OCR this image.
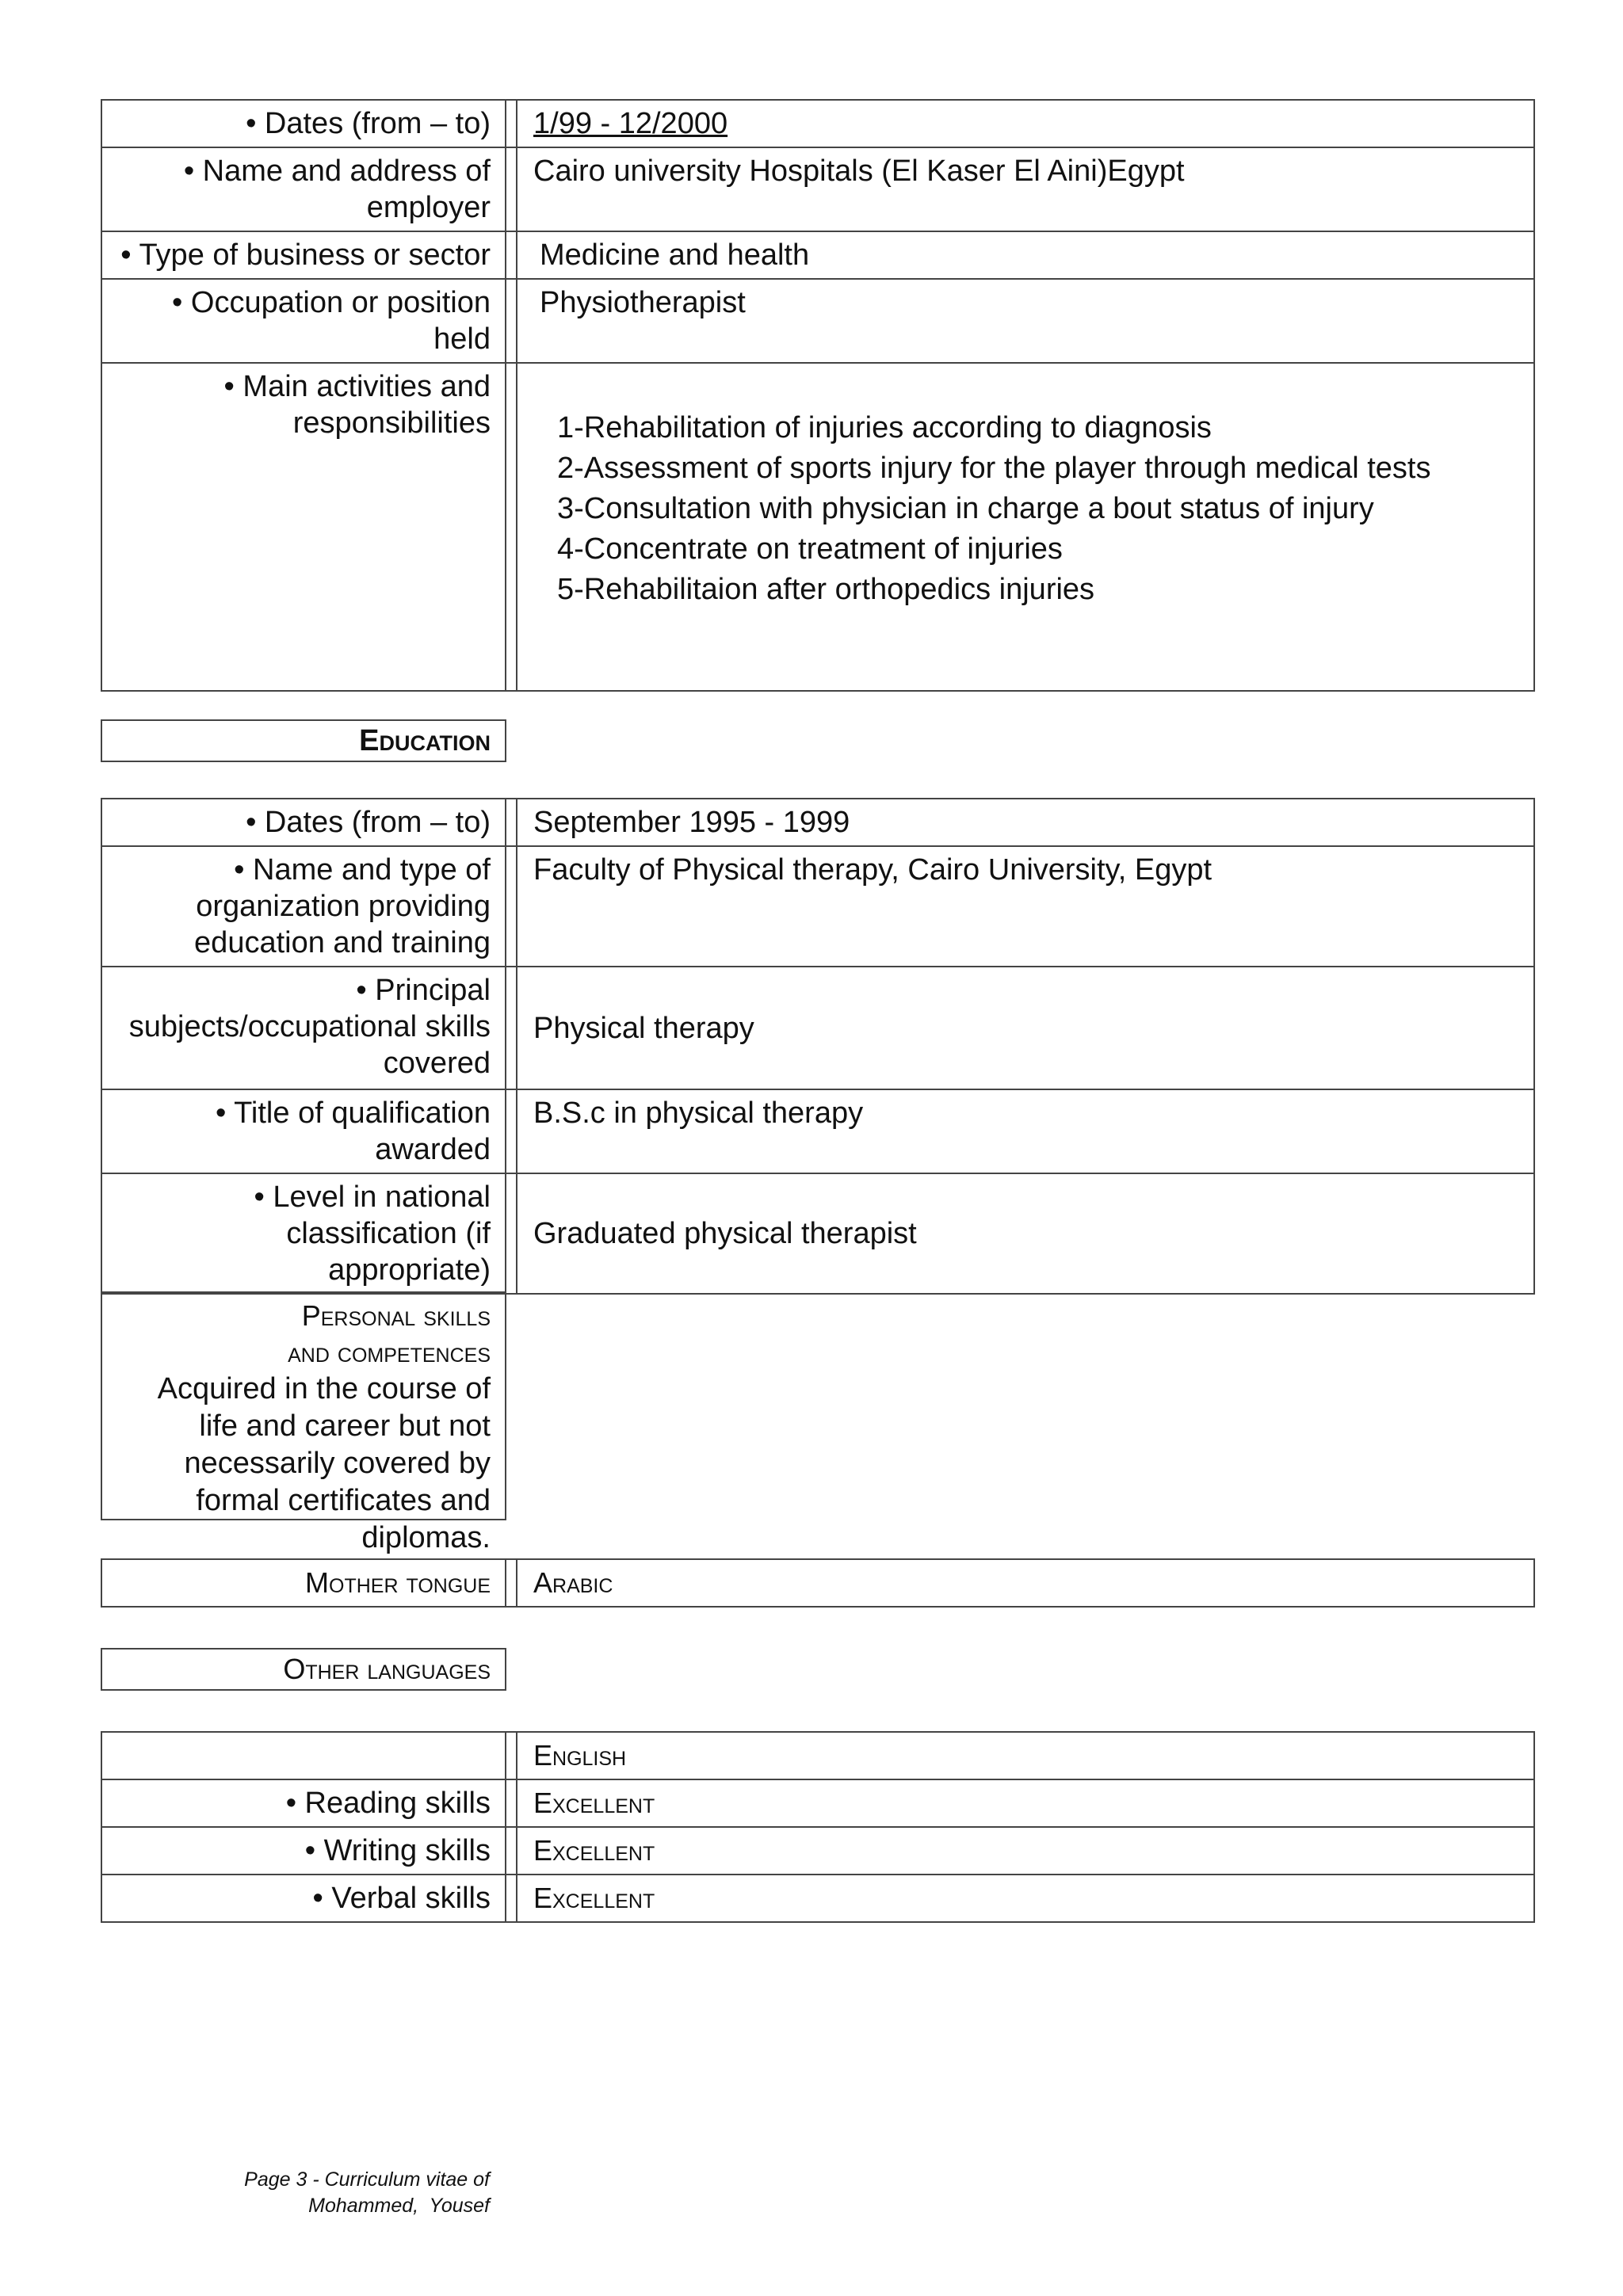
• Dates (from – to)		1/99 - 12/2000
• Name and address of employer		Cairo university Hospitals (El Kaser El Aini)Egypt
• Type of business or sector		Medicine and health
• Occupation or position held		Physiotherapist
• Main activities and responsibilities		1-Rehabilitation of injuries according to diagnosis
2-Assessment of sports injury for the player through medical tests
3-Consultation with physician in charge a bout status of injury
4-Concentrate on treatment of injuries
5-Rehabilitaion after orthopedics injuries
Education
• Dates (from – to)		September 1995 - 1999
• Name and type of organization providing education and training		Faculty of Physical therapy, Cairo University, Egypt
• Principal subjects/occupational skills covered		Physical therapy
• Title of qualification awarded		B.S.c in physical therapy
• Level in national classification (if appropriate)		Graduated physical therapist
Personal skills
and competences
Acquired in the course of life and career but not necessarily covered by formal certificates and diplomas.
Mother tongue		Arabic
Other languages
		English
• Reading skills		Excellent
• Writing skills		Excellent
• Verbal skills		Excellent
Page 3 - Curriculum vitae of
Mohammed,  Yousef
